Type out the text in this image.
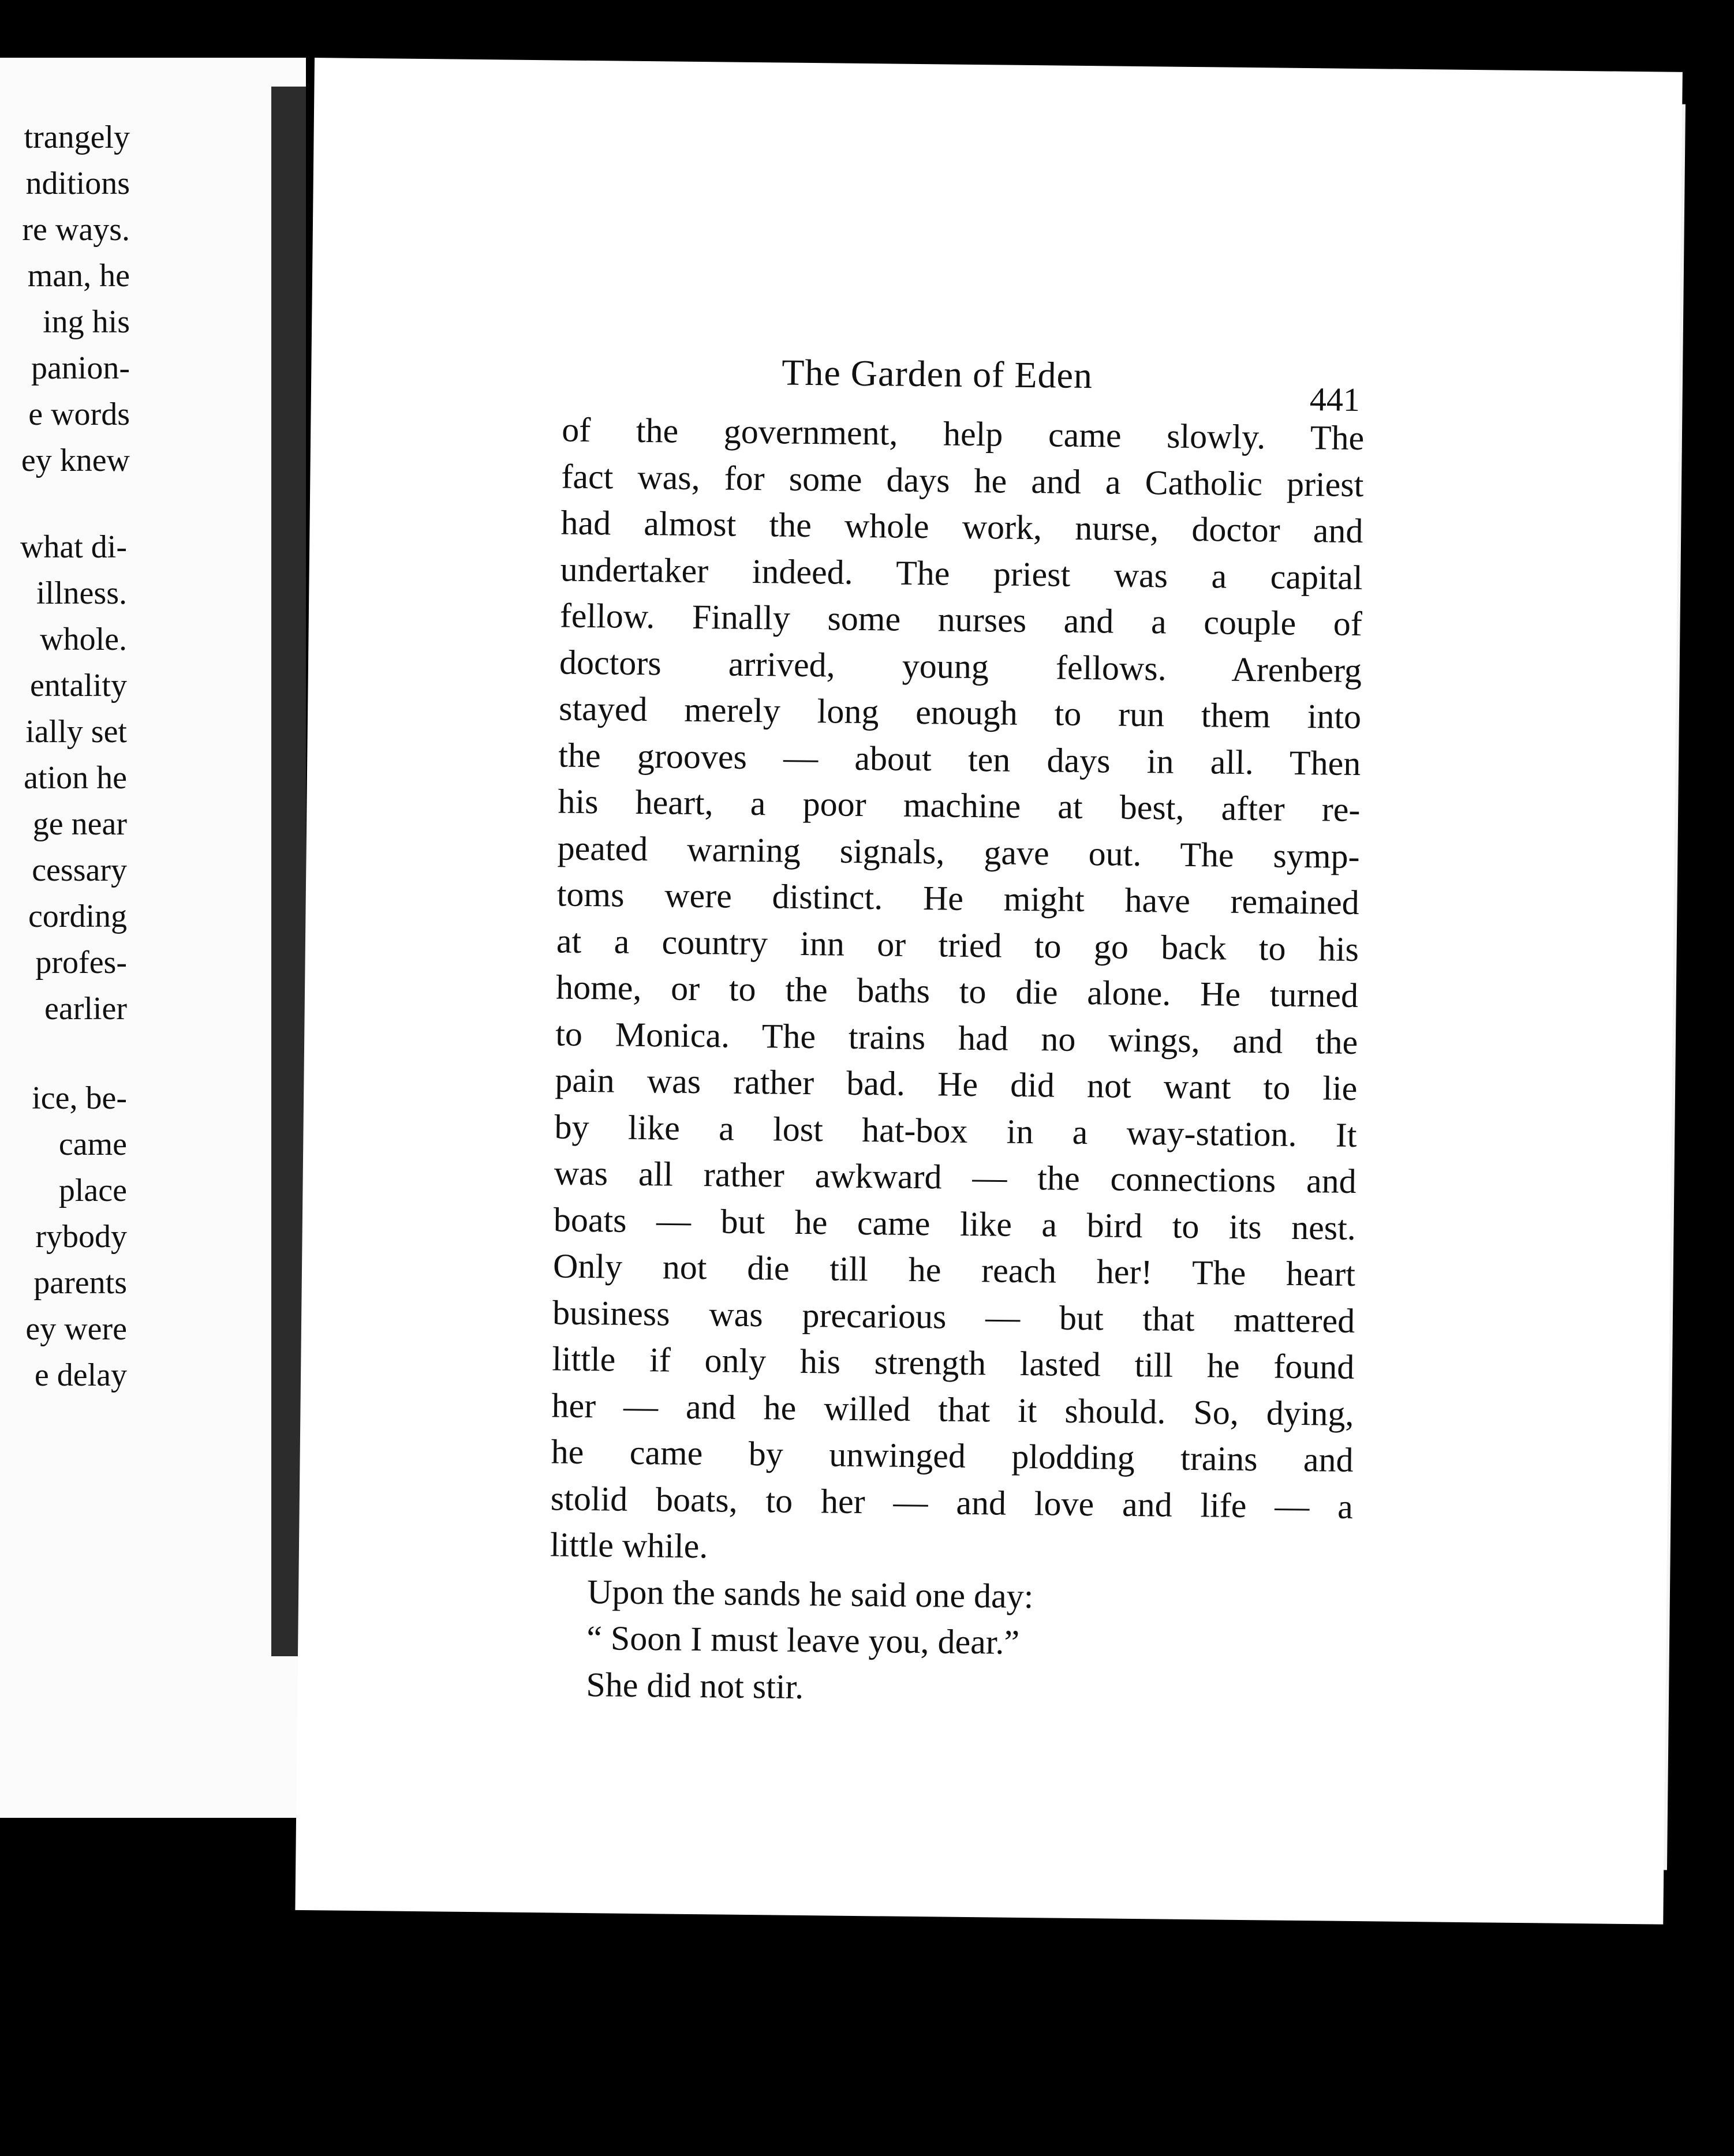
trangely
nditions
re ways.
man, he
ing his
panion-
e words
ey knew
what di-
illness.
whole.
entality
ially set
ation he
ge near
cessary
cording
profes-
earlier
ice, be-
came
place
rybody
parents
ey were
e delay
The Garden of Eden
441
of the government, help came slowly. The
fact was, for some days he and a Catholic priest
had almost the whole work, nurse, doctor and
undertaker indeed. The priest was a capital
fellow. Finally some nurses and a couple of
doctors arrived, young fellows. Arenberg
stayed merely long enough to run them into
the grooves — about ten days in all. Then
his heart, a poor machine at best, after re-
peated warning signals, gave out. The symp-
toms were distinct. He might have remained
at a country inn or tried to go back to his
home, or to the baths to die alone. He turned
to Monica. The trains had no wings, and the
pain was rather bad. He did not want to lie
by like a lost hat-box in a way-station. It
was all rather awkward — the connections and
boats — but he came like a bird to its nest.
Only not die till he reach her! The heart
business was precarious — but that mattered
little if only his strength lasted till he found
her — and he willed that it should. So, dying,
he came by unwinged plodding trains and
stolid boats, to her — and love and life — a
little while.
Upon the sands he said one day:
“ Soon I must leave you, dear.”
She did not stir.
